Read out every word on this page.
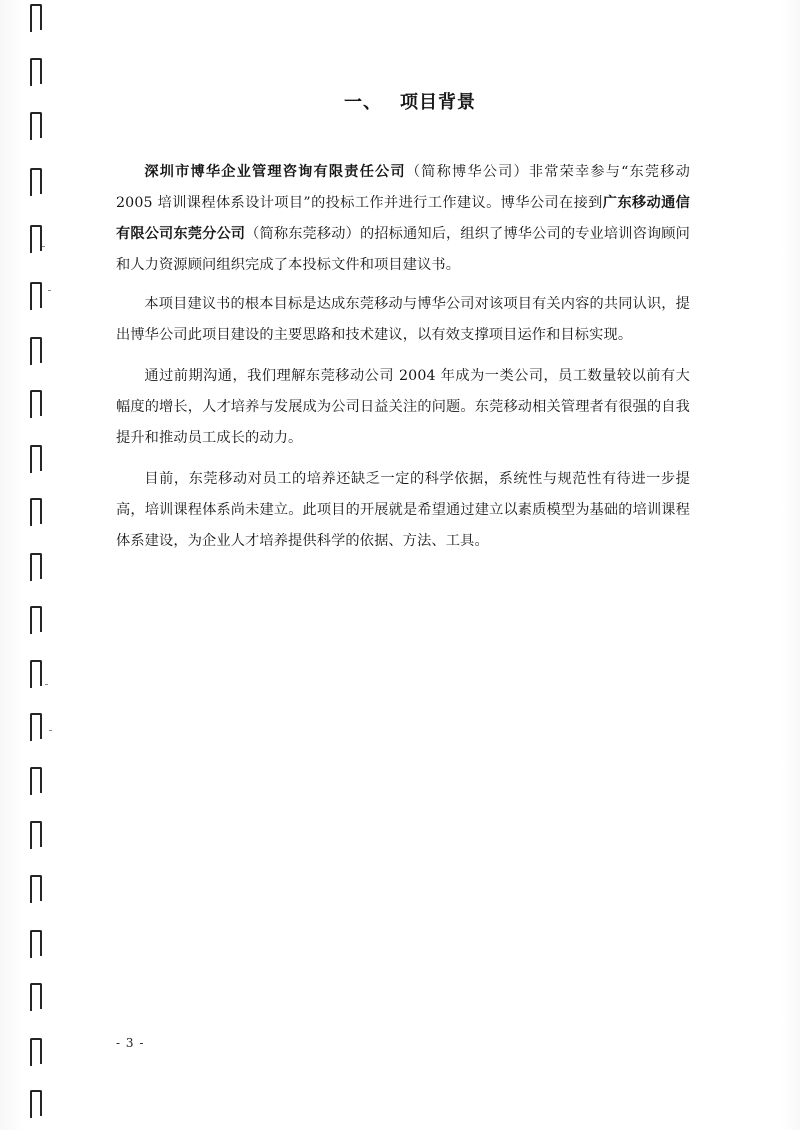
一、 项目背景

深圳市博华企业管理咨询有限责任公司（简称博华公司）非常荣幸参与“东莞移动 2005 培训课程体系设计项目”的投标工作并进行工作建议。博华公司在接到广东移动通信有限公司东莞分公司（简称东莞移动）的招标通知后，组织了博华公司的专业培训咨询顾问和人力资源顾问组织完成了本投标文件和项目建议书。

本项目建议书的根本目标是达成东莞移动与博华公司对该项目有关内容的共同认识，提出博华公司此项目建设的主要思路和技术建议，以有效支撑项目运作和目标实现。

通过前期沟通，我们理解东莞移动公司 2004 年成为一类公司，员工数量较以前有大幅度的增长，人才培养与发展成为公司日益关注的问题。东莞移动相关管理者有很强的自我提升和推动员工成长的动力。

目前，东莞移动对员工的培养还缺乏一定的科学依据，系统性与规范性有待进一步提高，培训课程体系尚未建立。此项目的开展就是希望通过建立以素质模型为基础的培训课程体系建设，为企业人才培养提供科学的依据、方法、工具。

- 3 -
